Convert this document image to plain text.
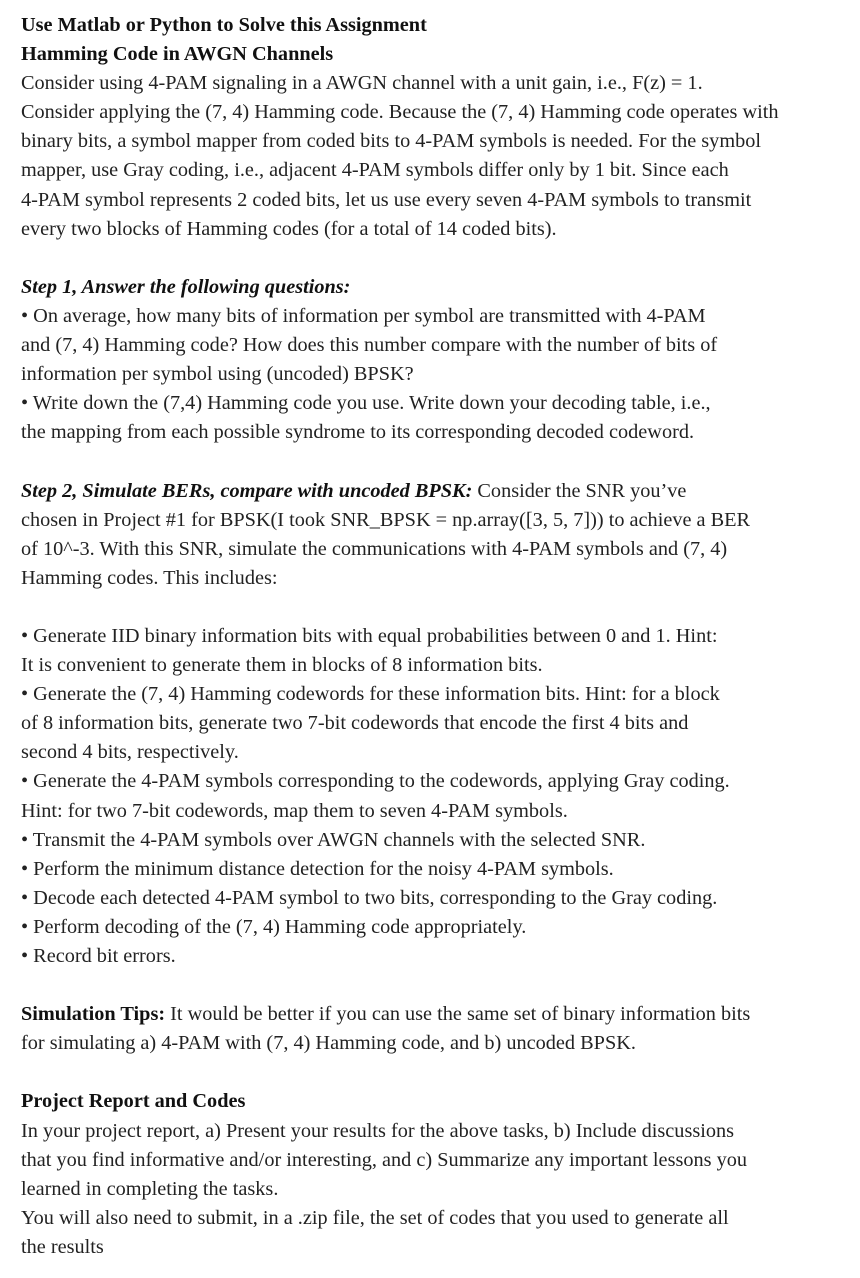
Use Matlab or Python to Solve this Assignment
Hamming Code in AWGN Channels
Consider using 4-PAM signaling in a AWGN channel with a unit gain, i.e., F(z) = 1.
Consider applying the (7, 4) Hamming code. Because the (7, 4) Hamming code operates with
binary bits, a symbol mapper from coded bits to 4-PAM symbols is needed. For the symbol
mapper, use Gray coding, i.e., adjacent 4-PAM symbols differ only by 1 bit. Since each
4-PAM symbol represents 2 coded bits, let us use every seven 4-PAM symbols to transmit
every two blocks of Hamming codes (for a total of 14 coded bits).
Step 1, Answer the following questions:
• On average, how many bits of information per symbol are transmitted with 4-PAM
and (7, 4) Hamming code? How does this number compare with the number of bits of
information per symbol using (uncoded) BPSK?
• Write down the (7,4) Hamming code you use. Write down your decoding table, i.e.,
the mapping from each possible syndrome to its corresponding decoded codeword.
Step 2, Simulate BERs, compare with uncoded BPSK: Consider the SNR you’ve
chosen in Project #1 for BPSK(I took SNR_BPSK = np.array([3, 5, 7])) to achieve a BER
of 10^-3. With this SNR, simulate the communications with 4-PAM symbols and (7, 4)
Hamming codes. This includes:
• Generate IID binary information bits with equal probabilities between 0 and 1. Hint:
It is convenient to generate them in blocks of 8 information bits.
• Generate the (7, 4) Hamming codewords for these information bits. Hint: for a block
of 8 information bits, generate two 7-bit codewords that encode the first 4 bits and
second 4 bits, respectively.
• Generate the 4-PAM symbols corresponding to the codewords, applying Gray coding.
Hint: for two 7-bit codewords, map them to seven 4-PAM symbols.
• Transmit the 4-PAM symbols over AWGN channels with the selected SNR.
• Perform the minimum distance detection for the noisy 4-PAM symbols.
• Decode each detected 4-PAM symbol to two bits, corresponding to the Gray coding.
• Perform decoding of the (7, 4) Hamming code appropriately.
• Record bit errors.
Simulation Tips: It would be better if you can use the same set of binary information bits
for simulating a) 4-PAM with (7, 4) Hamming code, and b) uncoded BPSK.
Project Report and Codes
In your project report, a) Present your results for the above tasks, b) Include discussions
that you find informative and/or interesting, and c) Summarize any important lessons you
learned in completing the tasks.
You will also need to submit, in a .zip file, the set of codes that you used to generate all
the results
